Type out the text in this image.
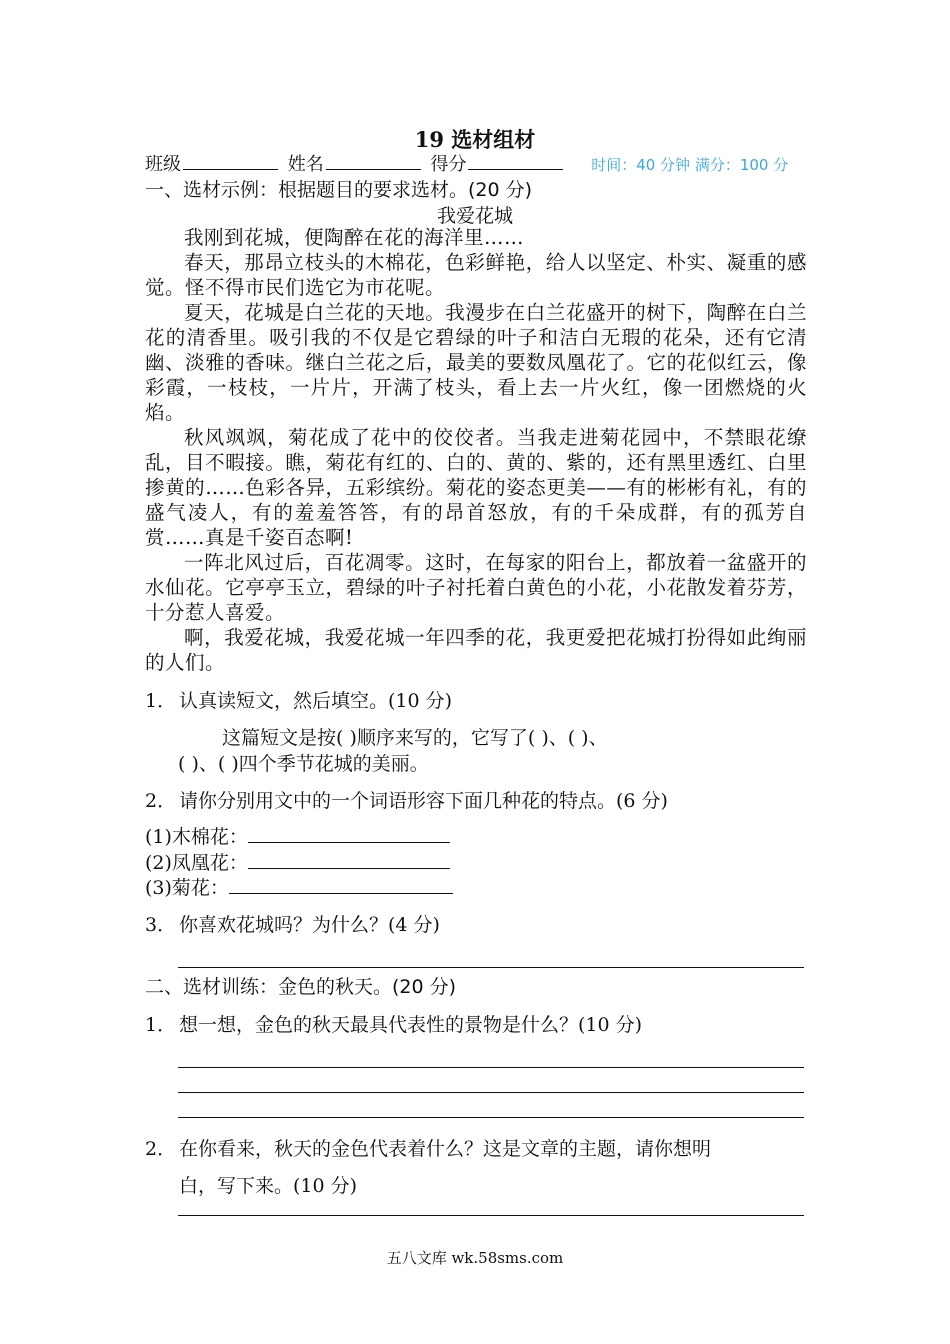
19 选材组材
班级	姓名	得分	时间：40 分钟 满分：100 分
一、选材示例：根据题目的要求选材。(20 分)
我爱花城

我刚到花城，便陶醉在花的海洋里……

春天，那昂立枝头的木棉花，色彩鲜艳，给人以坚定、朴实、凝重的感觉。怪不得市民们选它为市花呢。

夏天，花城是白兰花的天地。我漫步在白兰花盛开的树下，陶醉在白兰花的清香里。吸引我的不仅是它碧绿的叶子和洁白无瑕的花朵，还有它清幽、淡雅的香味。继白兰花之后，最美的要数凤凰花了。它的花似红云，像彩霞，一枝枝，一片片，开满了枝头，看上去一片火红，像一团燃烧的火焰。

秋风飒飒，菊花成了花中的佼佼者。当我走进菊花园中，不禁眼花缭乱，目不暇接。瞧，菊花有红的、白的、黄的、紫的，还有黑里透红、白里掺黄的……色彩各异，五彩缤纷。菊花的姿态更美——有的彬彬有礼，有的盛气凌人，有的羞羞答答，有的昂首怒放，有的千朵成群，有的孤芳自赏……真是千姿百态啊!

一阵北风过后，百花凋零。这时，在每家的阳台上，都放着一盆盛开的水仙花。它亭亭玉立，碧绿的叶子衬托着白黄色的小花，小花散发着芬芳，十分惹人喜爱。

啊，我爱花城，我爱花城一年四季的花，我更爱把花城打扮得如此绚丽的人们。

1． 认真读短文，然后填空。(10 分)
这篇短文是按( )顺序来写的，它写了( )、( )、
( )、( )四个季节花城的美丽。
2． 请你分别用文中的一个词语形容下面几种花的特点。(6 分)
(1)木棉花：
(2)凤凰花：
(3)菊花：
3． 你喜欢花城吗？为什么？(4 分)
二、选材训练：金色的秋天。(20 分)
1． 想一想，金色的秋天最具代表性的景物是什么？(10 分)
2． 在你看来，秋天的金色代表着什么？这是文章的主题，请你想明
白，写下来。(10 分)
五八文库 wk.58sms.com
